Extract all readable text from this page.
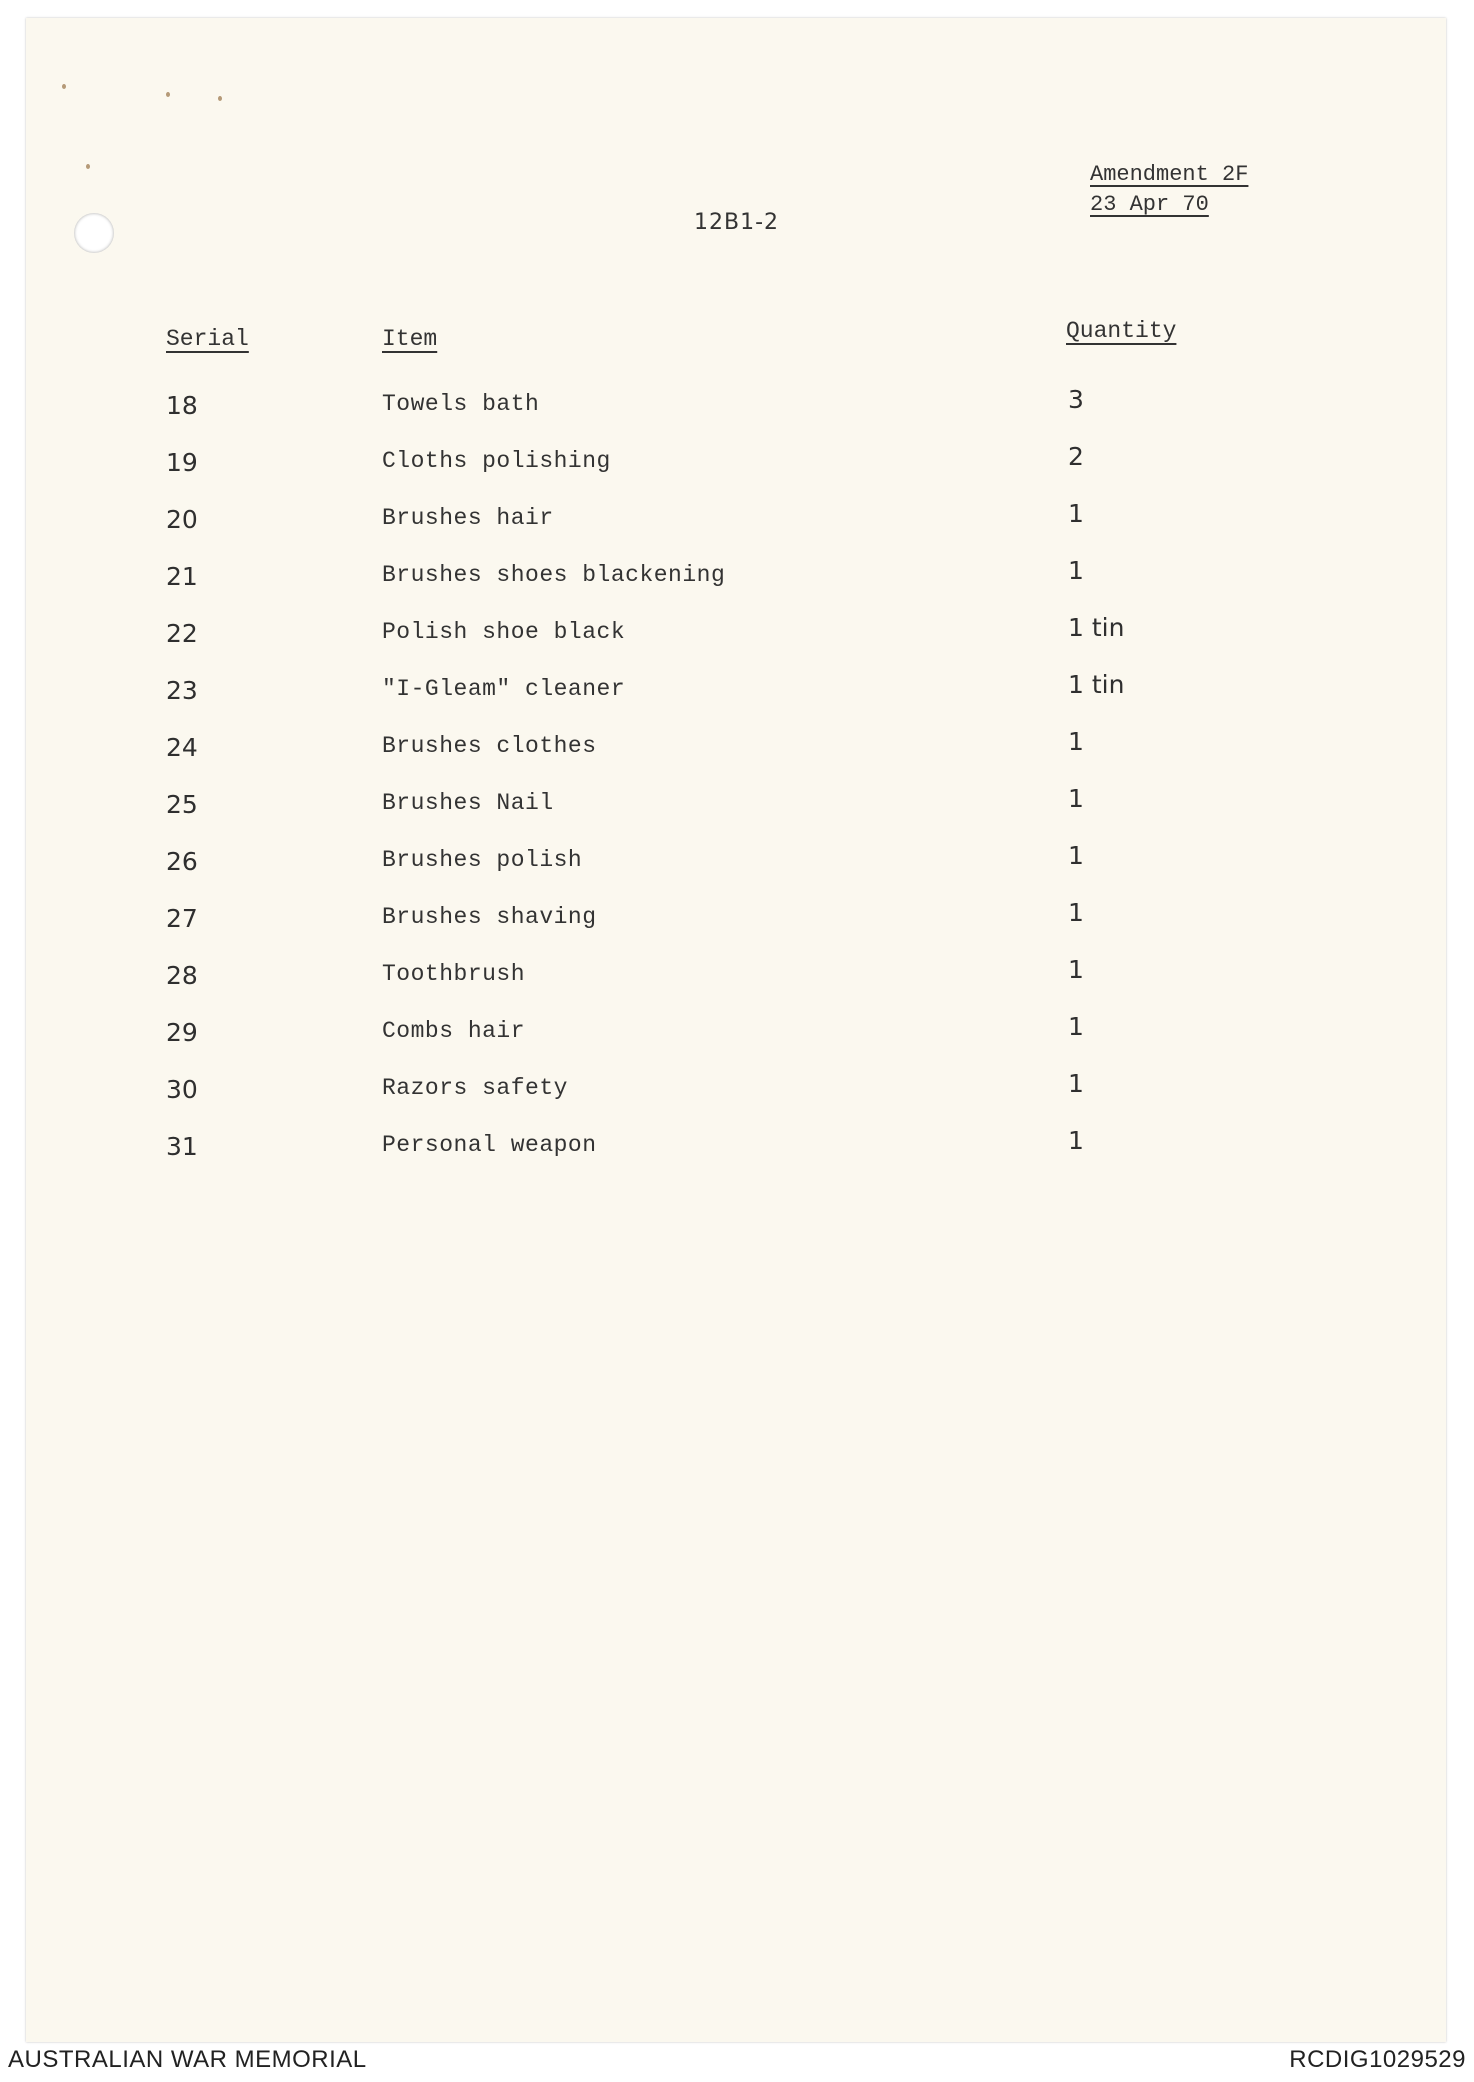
12B1-2
Amendment 2F
23 Apr 70
Serial	Item	Quantity
18	Towels bath	3
19	Cloths polishing	2
20	Brushes hair	1
21	Brushes shoes blackening	1
22	Polish shoe black	1 tin
23	"I-Gleam" cleaner	1 tin
24	Brushes clothes	1
25	Brushes Nail	1
26	Brushes polish	1
27	Brushes shaving	1
28	Toothbrush	1
29	Combs hair	1
30	Razors safety	1
31	Personal weapon	1
AUSTRALIAN WAR MEMORIAL	RCDIG1029529
